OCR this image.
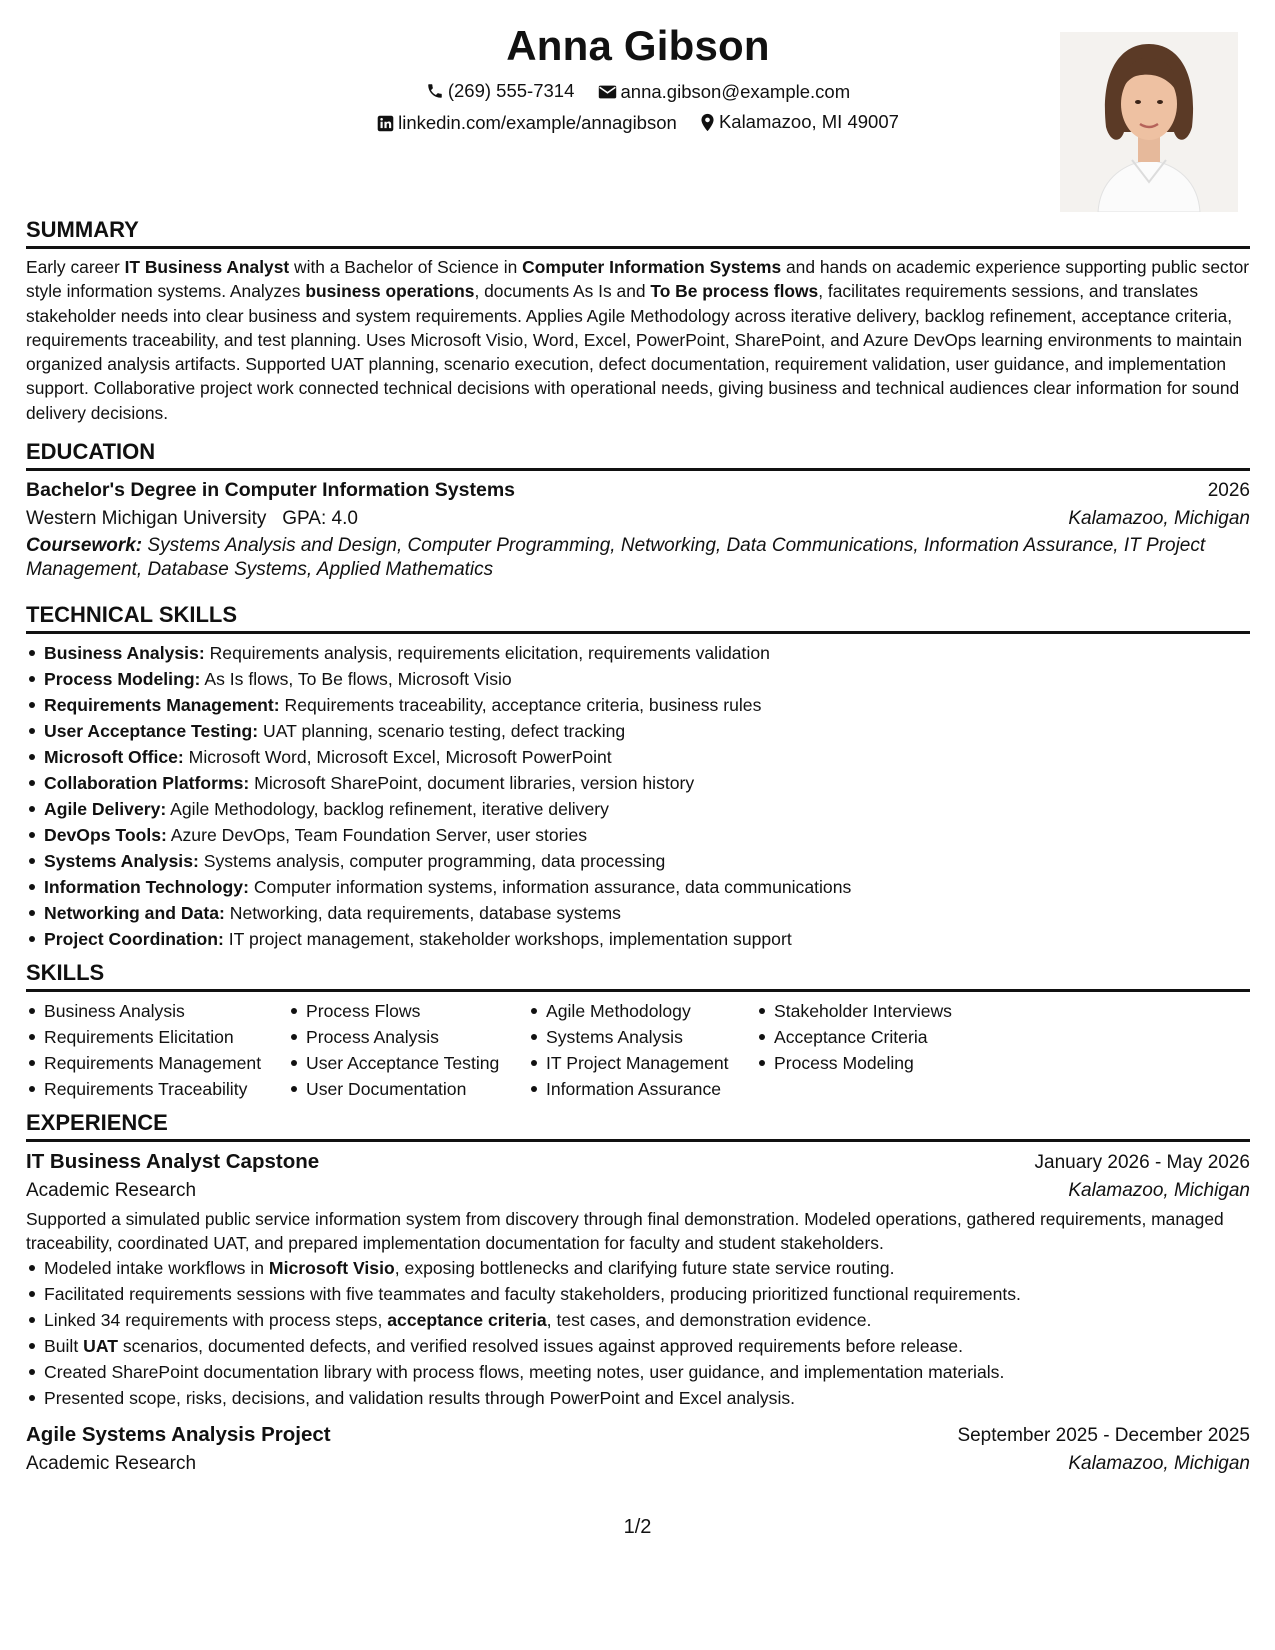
Anna Gibson
(269) 555-7314
anna.gibson@example.com
linkedin.com/example/annagibson
Kalamazoo, MI 49007
SUMMARY

Early career IT Business Analyst with a Bachelor of Science in Computer Information Systems and hands on academic experience supporting public sector style information systems. Analyzes business operations, documents As Is and To Be process flows, facilitates requirements sessions, and translates stakeholder needs into clear business and system requirements. Applies Agile Methodology across iterative delivery, backlog refinement, acceptance criteria, requirements traceability, and test planning. Uses Microsoft Visio, Word, Excel, PowerPoint, SharePoint, and Azure DevOps learning environments to maintain organized analysis artifacts. Supported UAT planning, scenario execution, defect documentation, requirement validation, user guidance, and implementation support. Collaborative project work connected technical decisions with operational needs, giving business and technical audiences clear information for sound delivery decisions.

EDUCATION
Bachelor's Degree in Computer Information Systems	2026
Western Michigan University GPA: 4.0	Kalamazoo, Michigan
Coursework: Systems Analysis and Design, Computer Programming, Networking, Data Communications, Information Assurance, IT Project Management, Database Systems, Applied Mathematics
TECHNICAL SKILLS
Business Analysis: Requirements analysis, requirements elicitation, requirements validation
Process Modeling: As Is flows, To Be flows, Microsoft Visio
Requirements Management: Requirements traceability, acceptance criteria, business rules
User Acceptance Testing: UAT planning, scenario testing, defect tracking
Microsoft Office: Microsoft Word, Microsoft Excel, Microsoft PowerPoint
Collaboration Platforms: Microsoft SharePoint, document libraries, version history
Agile Delivery: Agile Methodology, backlog refinement, iterative delivery
DevOps Tools: Azure DevOps, Team Foundation Server, user stories
Systems Analysis: Systems analysis, computer programming, data processing
Information Technology: Computer information systems, information assurance, data communications
Networking and Data: Networking, data requirements, database systems
Project Coordination: IT project management, stakeholder workshops, implementation support
SKILLS
Business Analysis
Requirements Elicitation
Requirements Management
Requirements Traceability
Process Flows
Process Analysis
User Acceptance Testing
User Documentation
Agile Methodology
Systems Analysis
IT Project Management
Information Assurance
Stakeholder Interviews
Acceptance Criteria
Process Modeling
EXPERIENCE
IT Business Analyst Capstone	January 2026 - May 2026
Academic Research	Kalamazoo, Michigan
Supported a simulated public service information system from discovery through final demonstration. Modeled operations, gathered requirements, managed traceability, coordinated UAT, and prepared implementation documentation for faculty and student stakeholders.
Modeled intake workflows in Microsoft Visio, exposing bottlenecks and clarifying future state service routing.
Facilitated requirements sessions with five teammates and faculty stakeholders, producing prioritized functional requirements.
Linked 34 requirements with process steps, acceptance criteria, test cases, and demonstration evidence.
Built UAT scenarios, documented defects, and verified resolved issues against approved requirements before release.
Created SharePoint documentation library with process flows, meeting notes, user guidance, and implementation materials.
Presented scope, risks, decisions, and validation results through PowerPoint and Excel analysis.
Agile Systems Analysis Project	September 2025 - December 2025
Academic Research	Kalamazoo, Michigan
1/2
